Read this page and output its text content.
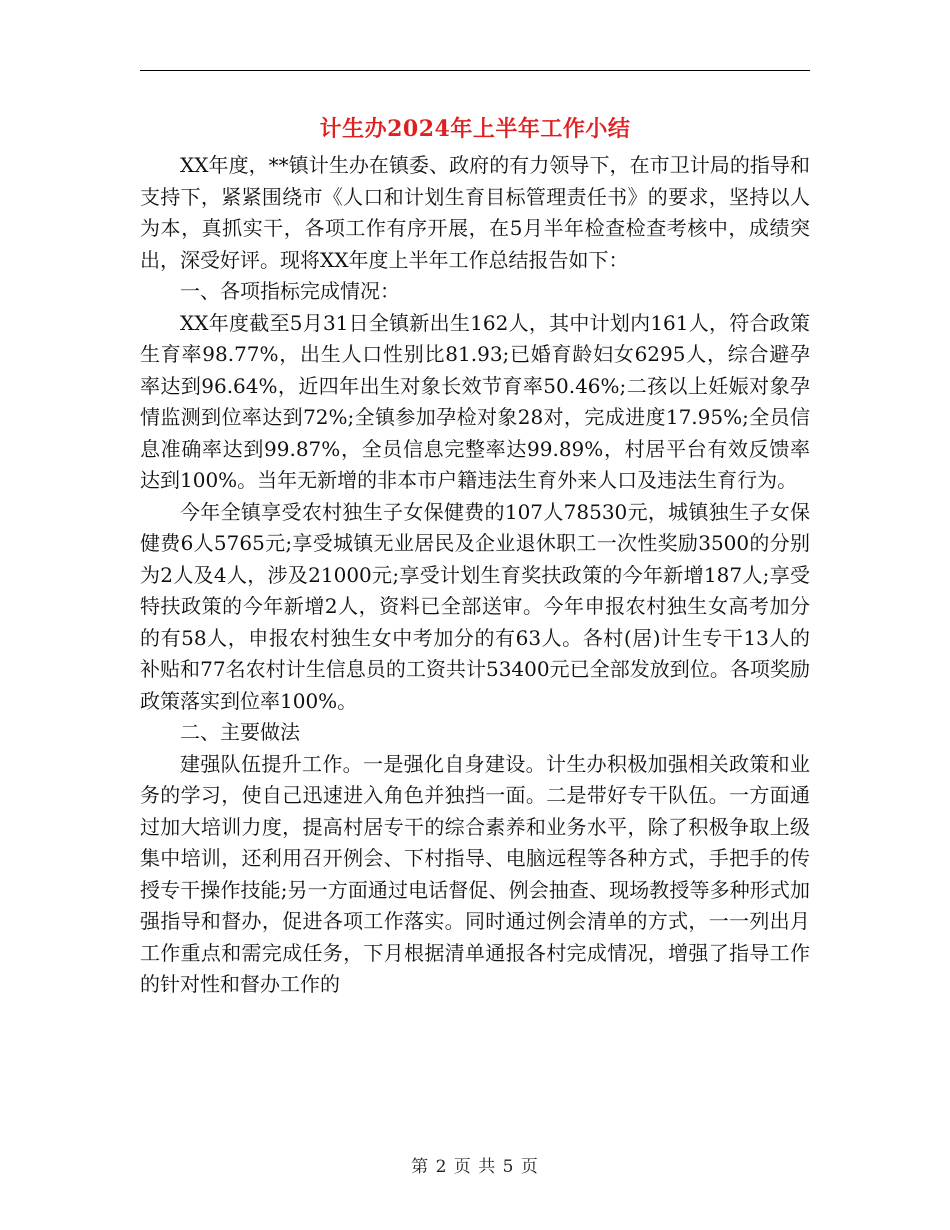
计生办2024年上半年工作小结

XX年度，**镇计生办在镇委、政府的有力领导下，在市卫计局的指导和支持下，紧紧围绕市《人口和计划生育目标管理责任书》的要求，坚持以人为本，真抓实干，各项工作有序开展，在5月半年检查检查考核中，成绩突出，深受好评。现将XX年度上半年工作总结报告如下：

一、各项指标完成情况：

XX年度截至5月31日全镇新出生162人，其中计划内161人，符合政策生育率98.77%，出生人口性别比81.93;已婚育龄妇女6295人，综合避孕率达到96.64%，近四年出生对象长效节育率50.46%;二孩以上妊娠对象孕情监测到位率达到72%;全镇参加孕检对象28对，完成进度17.95%;全员信息准确率达到99.87%，全员信息完整率达99.89%，村居平台有效反馈率达到100%。当年无新增的非本市户籍违法生育外来人口及违法生育行为。

今年全镇享受农村独生子女保健费的107人78530元，城镇独生子女保健费6人5765元;享受城镇无业居民及企业退休职工一次性奖励3500的分别为2人及4人，涉及21000元;享受计划生育奖扶政策的今年新增187人;享受特扶政策的今年新增2人，资料已全部送审。今年申报农村独生女高考加分的有58人，申报农村独生女中考加分的有63人。各村(居)计生专干13人的补贴和77名农村计生信息员的工资共计53400元已全部发放到位。各项奖励政策落实到位率100%。

二、主要做法

建强队伍提升工作。一是强化自身建设。计生办积极加强相关政策和业务的学习，使自己迅速进入角色并独挡一面。二是带好专干队伍。一方面通过加大培训力度，提高村居专干的综合素养和业务水平，除了积极争取上级集中培训，还利用召开例会、下村指导、电脑远程等各种方式，手把手的传授专干操作技能;另一方面通过电话督促、例会抽查、现场教授等多种形式加强指导和督办，促进各项工作落实。同时通过例会清单的方式，一一列出月工作重点和需完成任务，下月根据清单通报各村完成情况，增强了指导工作的针对性和督办工作的

第 2 页 共 5 页
